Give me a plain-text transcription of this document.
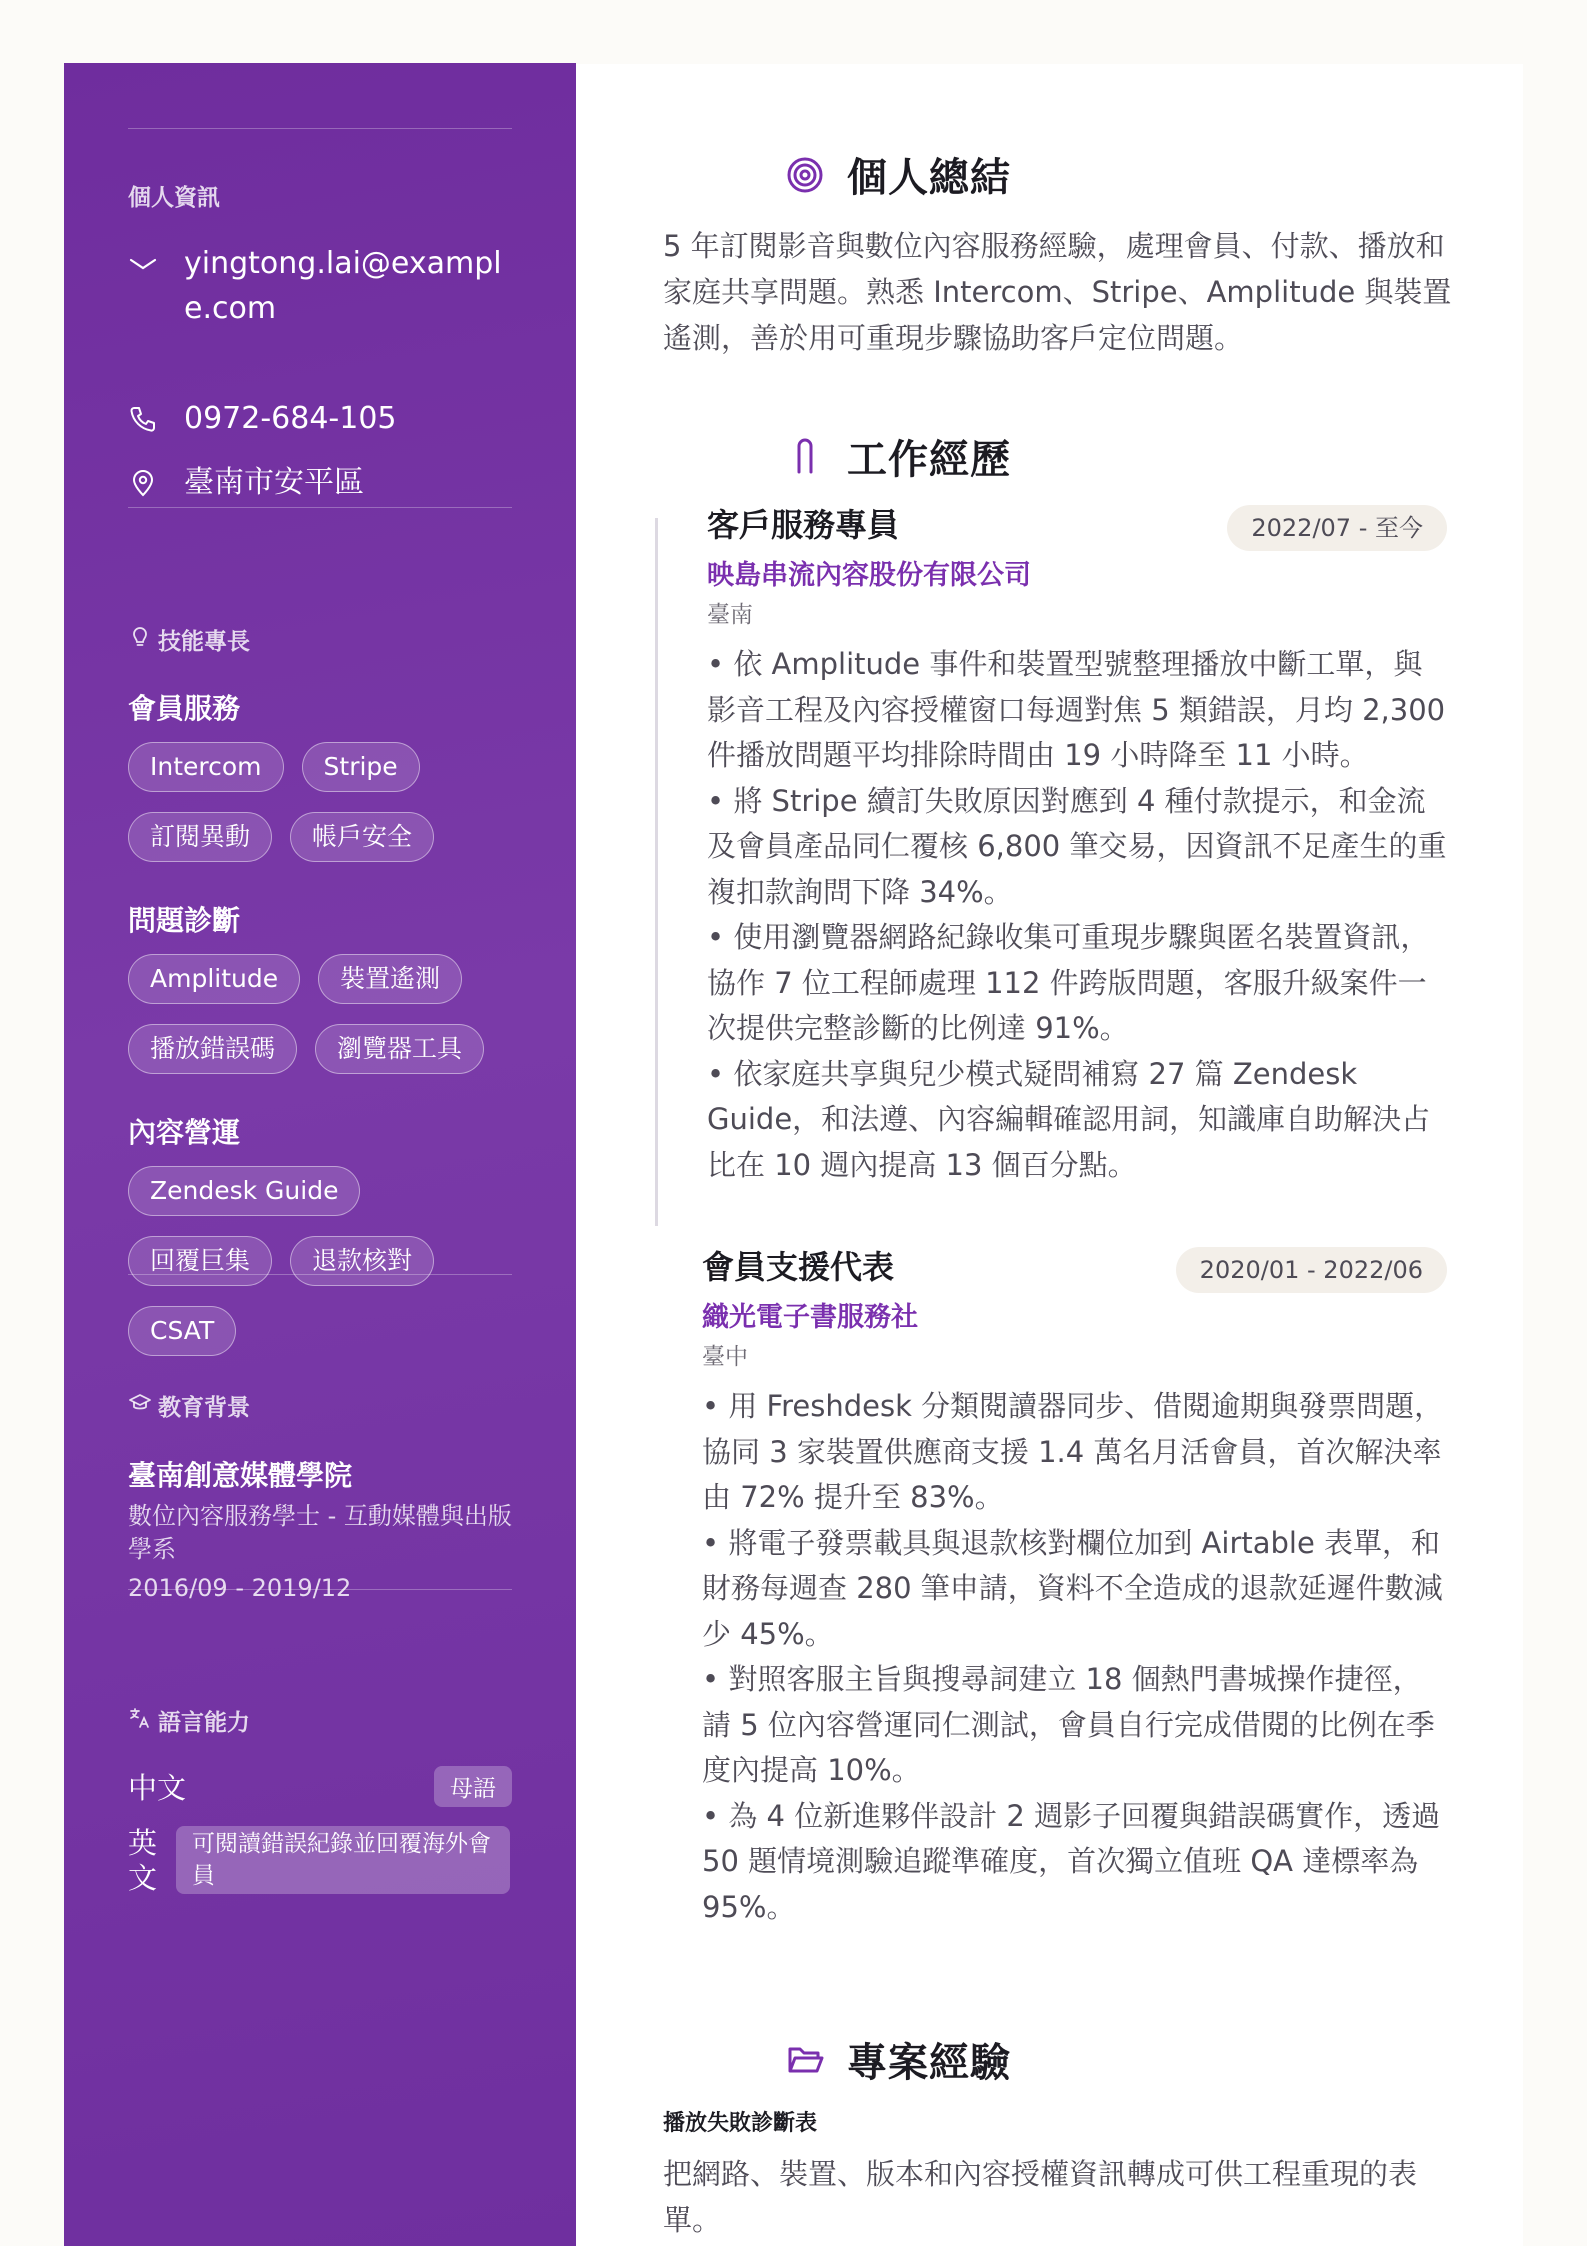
個人資訊
yingtong.lai@example.com
0972-684-105
臺南市安平區
技能專長
會員服務
Intercom	Stripe
訂閱異動	帳戶安全
問題診斷
Amplitude	裝置遙測
播放錯誤碼	瀏覽器工具
內容營運
Zendesk Guide
回覆巨集	退款核對
CSAT
教育背景
臺南創意媒體學院
數位內容服務學士 - 互動媒體與出版學系
2016/09 - 2019/12
語言能力
中文	母語
英文
可閱讀錯誤紀錄並回覆海外會員
個人總結
5 年訂閱影音與數位內容服務經驗，處理會員、付款、播放和家庭共享問題。熟悉 Intercom、Stripe、Amplitude 與裝置遙測，善於用可重現步驟協助客戶定位問題。
工作經歷
客戶服務專員	2022/07 - 至今
映島串流內容股份有限公司
臺南
• 依 Amplitude 事件和裝置型號整理播放中斷工單，與影音工程及內容授權窗口每週對焦 5 類錯誤，月均 2,300 件播放問題平均排除時間由 19 小時降至 11 小時。
• 將 Stripe 續訂失敗原因對應到 4 種付款提示，和金流及會員產品同仁覆核 6,800 筆交易，因資訊不足產生的重複扣款詢問下降 34%。
• 使用瀏覽器網路紀錄收集可重現步驟與匿名裝置資訊，協作 7 位工程師處理 112 件跨版問題，客服升級案件一次提供完整診斷的比例達 91%。
• 依家庭共享與兒少模式疑問補寫 27 篇 Zendesk Guide，和法遵、內容編輯確認用詞，知識庫自助解決占比在 10 週內提高 13 個百分點。
會員支援代表	2020/01 - 2022/06
織光電子書服務社
臺中
• 用 Freshdesk 分類閱讀器同步、借閱逾期與發票問題，協同 3 家裝置供應商支援 1.4 萬名月活會員，首次解決率由 72% 提升至 83%。
• 將電子發票載具與退款核對欄位加到 Airtable 表單，和財務每週查 280 筆申請，資料不全造成的退款延遲件數減少 45%。
• 對照客服主旨與搜尋詞建立 18 個熱門書城操作捷徑，請 5 位內容營運同仁測試，會員自行完成借閱的比例在季度內提高 10%。
• 為 4 位新進夥伴設計 2 週影子回覆與錯誤碼實作，透過 50 題情境測驗追蹤準確度，首次獨立值班 QA 達標率為 95%。
專案經驗
播放失敗診斷表
把網路、裝置、版本和內容授權資訊轉成可供工程重現的表單。
